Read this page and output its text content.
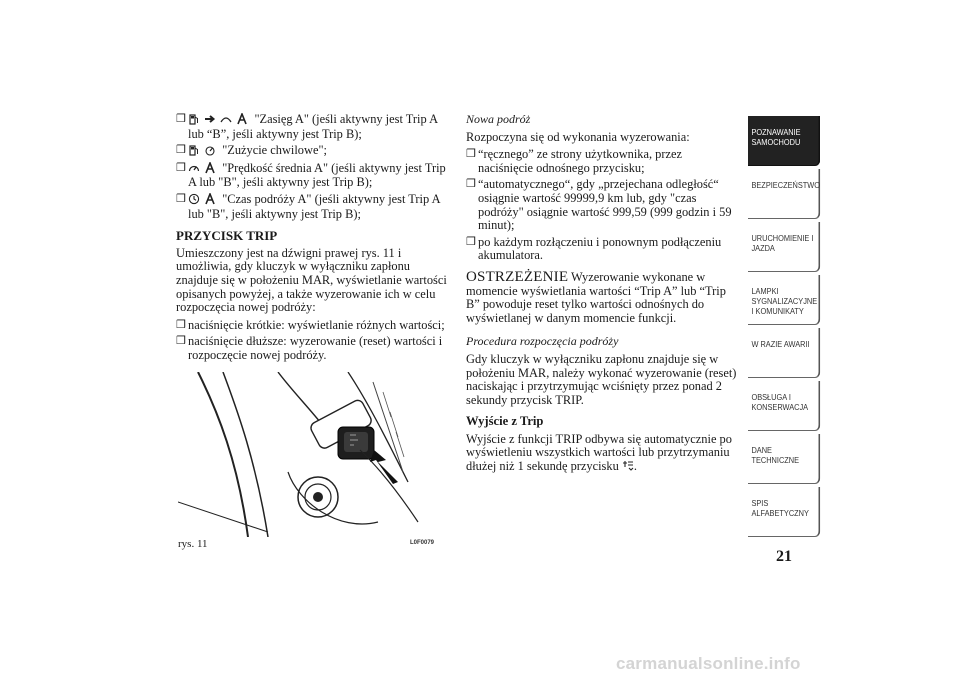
❒	"Zasięg A" (jeśli aktywny jest Trip A lub “B”, jeśli aktywny jest Trip B);
❒	"Zużycie chwilowe";
❒	"Prędkość średnia A" (jeśli aktywny jest Trip A lub "B", jeśli aktywny jest Trip B);
❒	"Czas podróży A" (jeśli aktywny jest Trip A lub "B", jeśli aktywny jest Trip B);
PRZYCISK TRIP
Umieszczony jest na dźwigni prawej rys. 11 i umożliwia, gdy kluczyk w wyłączniku zapłonu znajduje się w położeniu MAR, wyświetlanie wartości opisanych powyżej, a także wyzerowanie ich w celu rozpoczęcia nowej podróży:
❒ naciśnięcie krótkie: wyświetlanie różnych wartości;
❒ naciśnięcie dłuższe: wyzerowanie (reset) wartości i rozpoczęcie nowej podróży.
rys. 11	L0F0079
Nowa podróż
Rozpoczyna się od wykonania wyzerowania:
❒ “ręcznego” ze strony użytkownika, przez naciśnięcie odnośnego przycisku;
❒ “automatycznego“, gdy „przejechana odległość“ osiągnie wartość 99999,9 km lub, gdy "czas podróży" osiągnie wartość 999,59 (999 godzin i 59 minut);
❒ po każdym rozłączeniu i ponownym podłączeniu akumulatora.
OSTRZEŻENIE Wyzerowanie wykonane w momencie wyświetlania wartości “Trip A” lub “Trip B” powoduje reset tylko wartości odnośnych do wyświetlanej w danym momencie funkcji.
Procedura rozpoczęcia podróży
Gdy kluczyk w wyłączniku zapłonu znajduje się w położeniu MAR, należy wykonać wyzerowanie (reset) naciskając i przytrzymując wciśnięty przez ponad 2 sekundy przycisk TRIP.
Wyjście z Trip
Wyjście z funkcji TRIP odbywa się automatycznie po wyświetleniu wszystkich wartości lub przytrzymaniu dłużej niż 1 sekundę przycisku .
POZNAWANIE SAMOCHODU
BEZPIECZEŃSTWO
URUCHOMIENIE I JAZDA
LAMPKI SYGNALIZACYJNE I KOMUNIKATY
W RAZIE AWARII
OBSŁUGA I KONSERWACJA
DANE TECHNICZNE
SPIS ALFABETYCZNY
21
carmanualsonline.info
